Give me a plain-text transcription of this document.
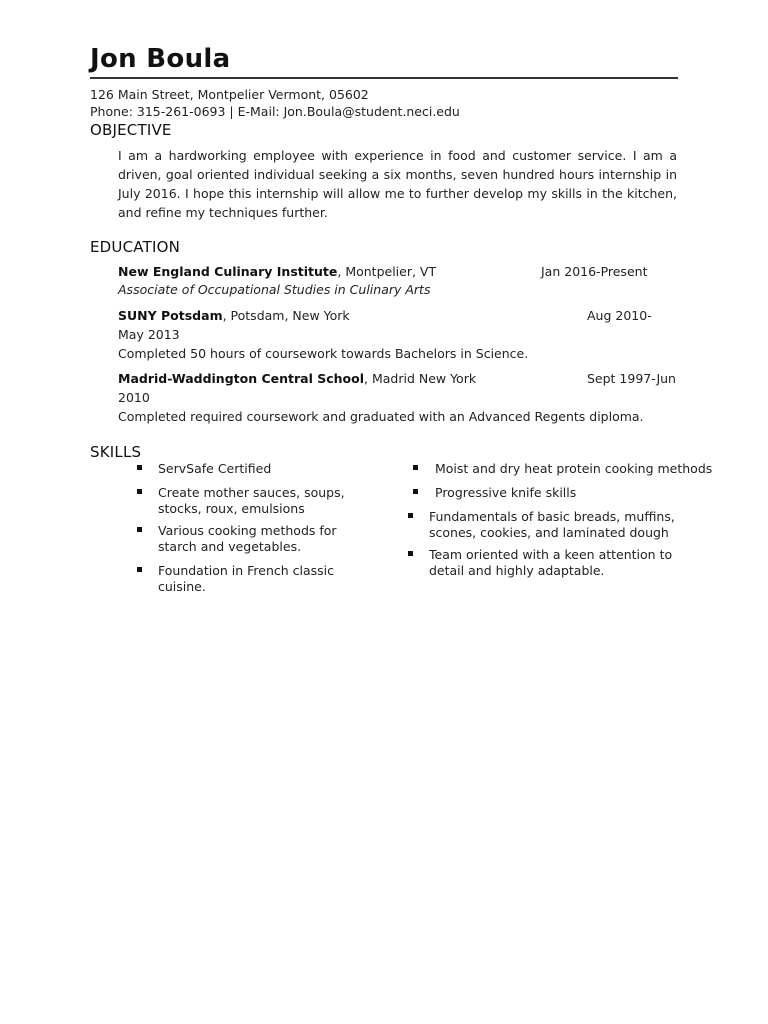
Jon Boula
126 Main Street, Montpelier Vermont, 05602
Phone: 315-261-0693 | E-Mail: Jon.Boula@student.neci.edu
OBJECTIVE
I am a hardworking employee with experience in food and customer service. I am a driven, goal oriented individual seeking a six months, seven hundred hours internship in July 2016. I hope this internship will allow me to further develop my skills in the kitchen, and refine my techniques further.
EDUCATION
New England Culinary Institute, Montpelier, VT	Jan 2016-Present
Associate of Occupational Studies in Culinary Arts
SUNY Potsdam, Potsdam, New York	Aug 2010-
May 2013
Completed 50 hours of coursework towards Bachelors in Science.
Madrid-Waddington Central School, Madrid New York	Sept 1997-Jun
2010
Completed required coursework and graduated with an Advanced Regents diploma.
SKILLS
ServSafe Certified
Create mother sauces, soups, stocks, roux, emulsions
Various cooking methods for starch and vegetables.
Foundation in French classic cuisine.
Moist and dry heat protein cooking methods
Progressive knife skills
Fundamentals of basic breads, muffins, scones, cookies, and laminated dough
Team oriented with a keen attention to detail and highly adaptable.
